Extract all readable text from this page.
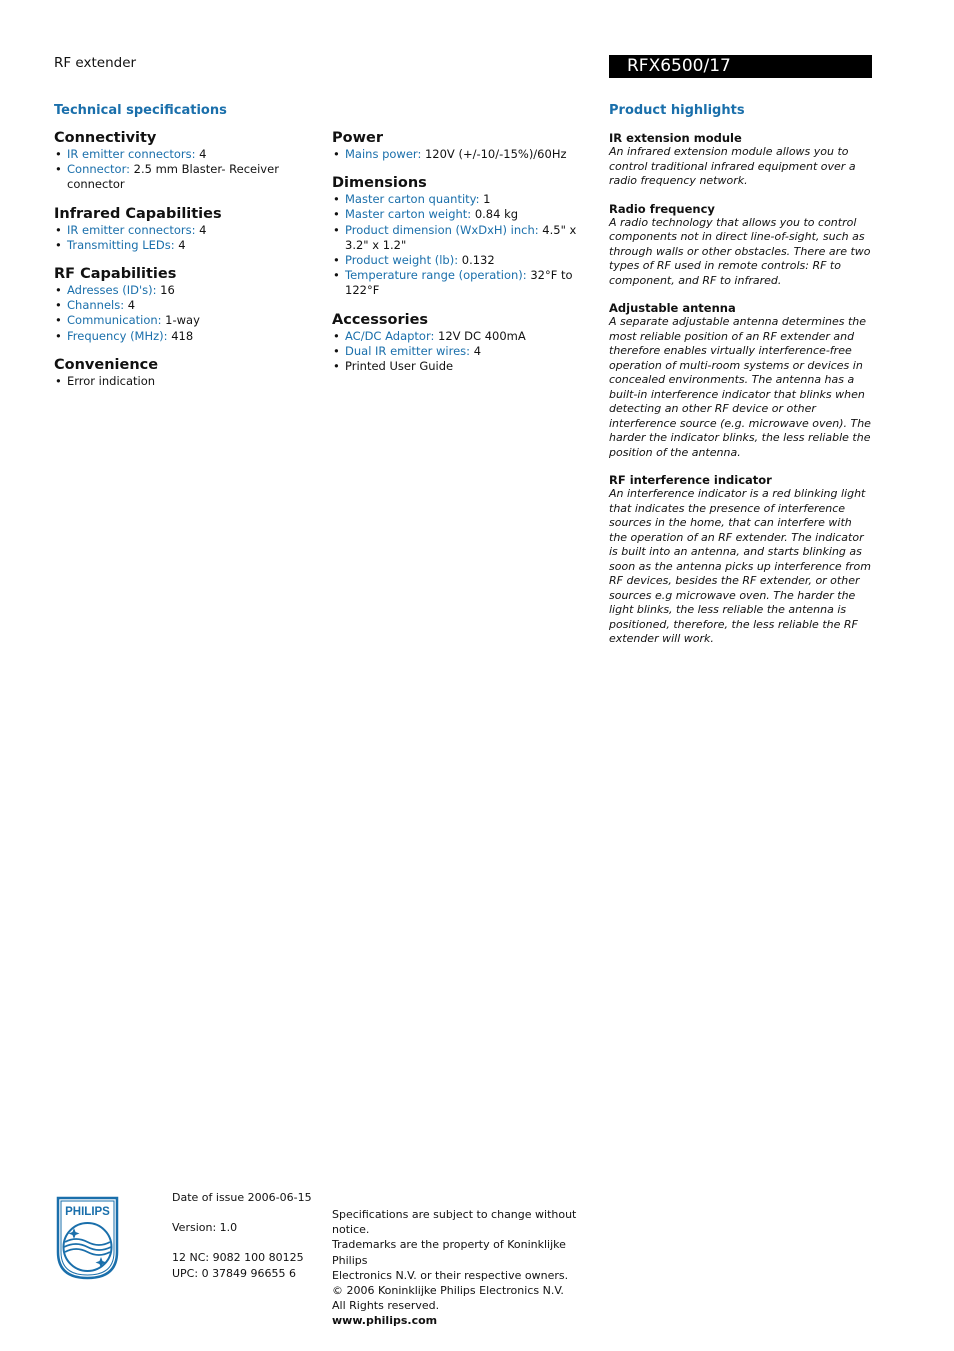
RF extender	RFX6500/17
Technical specifications	Product highlights
Connectivity
• IR emitter connectors: 4
• Connector: 2.5 mm Blaster- Receiver connector
Infrared Capabilities
• IR emitter connectors: 4
• Transmitting LEDs: 4
RF Capabilities
• Adresses (ID's): 16
• Channels: 4
• Communication: 1-way
• Frequency (MHz): 418
Convenience
• Error indication
Power
• Mains power: 120V (+/-10/-15%)/60Hz
Dimensions
• Master carton quantity: 1
• Master carton weight: 0.84 kg
• Product dimension (WxDxH) inch: 4.5" x 3.2" x 1.2"
• Product weight (lb): 0.132
• Temperature range (operation): 32°F to 122°F
Accessories
• AC/DC Adaptor: 12V DC 400mA
• Dual IR emitter wires: 4
• Printed User Guide
IR extension module
An infrared extension module allows you to control traditional infrared equipment over a radio frequency network.
Radio frequency
A radio technology that allows you to control components not in direct line-of-sight, such as through walls or other obstacles. There are two types of RF used in remote controls: RF to component, and RF to infrared.
Adjustable antenna
A separate adjustable antenna determines the most reliable position of an RF extender and therefore enables virtually interference-free operation of multi-room systems or devices in concealed environments. The antenna has a built-in interference indicator that blinks when detecting an other RF device or other interference source (e.g. microwave oven). The harder the indicator blinks, the less reliable the position of the antenna.
RF interference indicator
An interference indicator is a red blinking light that indicates the presence of interference sources in the home, that can interfere with the operation of an RF extender. The indicator is built into an antenna, and starts blinking as soon as the antenna picks up interference from RF devices, besides the RF extender, or other sources e.g microwave oven. The harder the light blinks, the less reliable the antenna is positioned, therefore, the less reliable the RF extender will work.
PHILIPS
Date of issue 2006-06-15
Version: 1.0
12 NC: 9082 100 80125
UPC: 0 37849 96655 6
Specifications are subject to change without notice.
Trademarks are the property of Koninklijke Philips
Electronics N.V. or their respective owners.
© 2006 Koninklijke Philips Electronics N.V.
All Rights reserved.
www.philips.com
